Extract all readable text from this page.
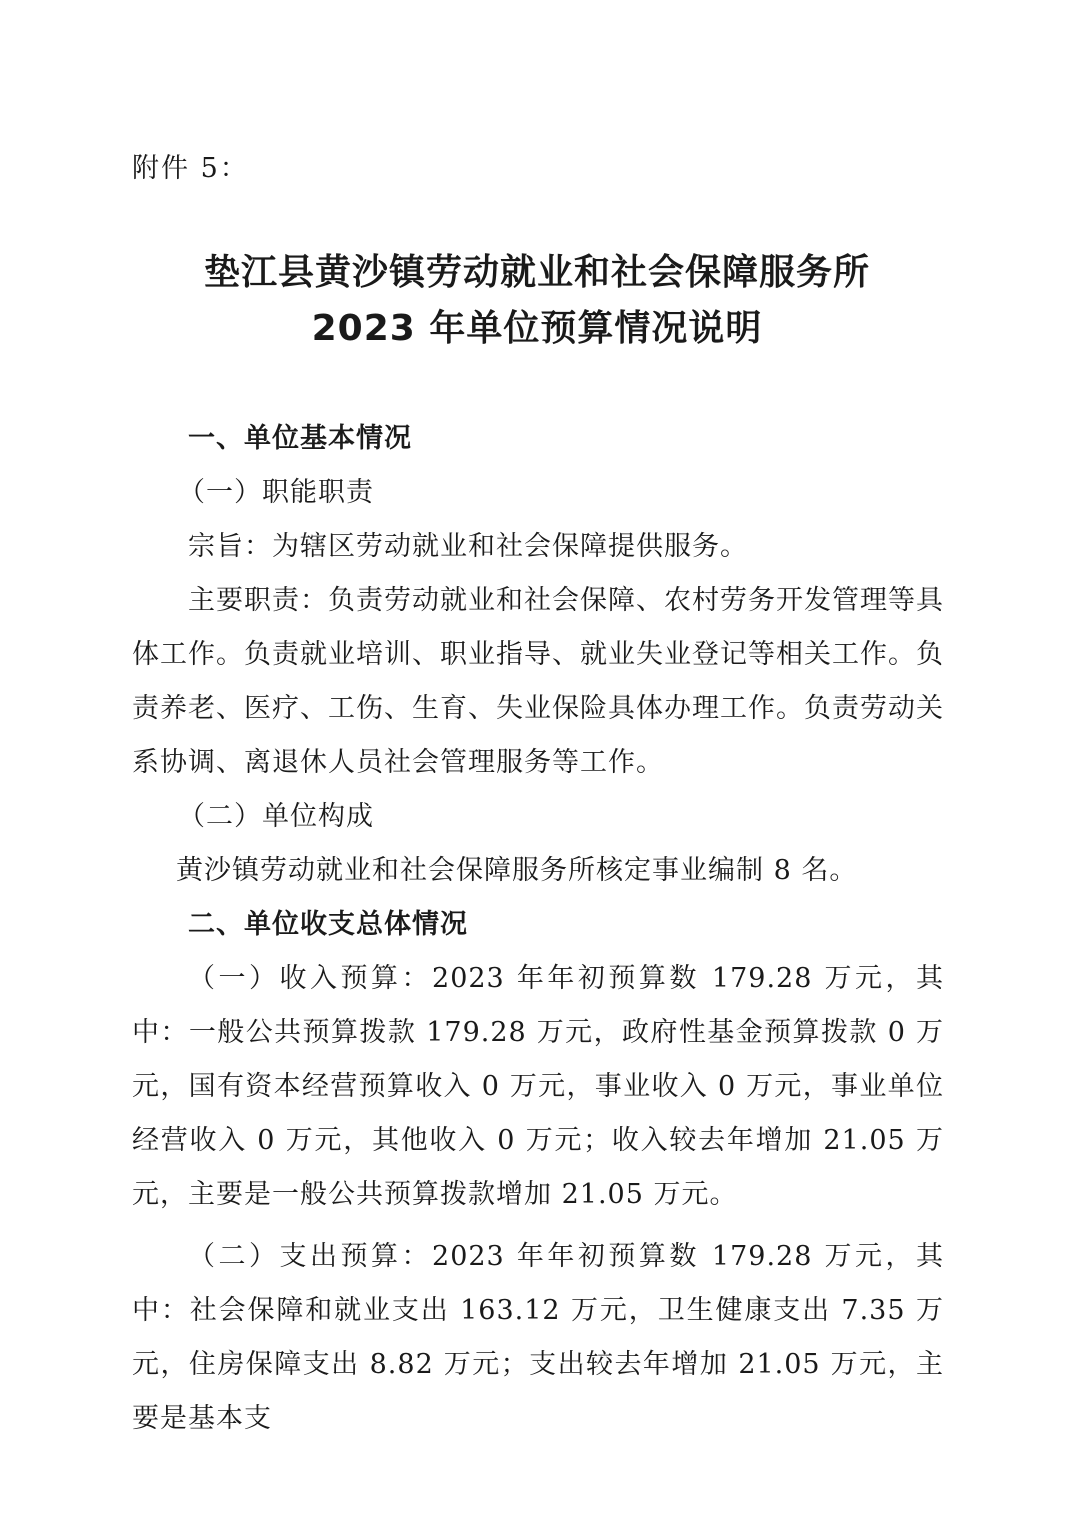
附件 5：
垫江县黄沙镇劳动就业和社会保障服务所
2023 年单位预算情况说明

一、单位基本情况

（一）职能职责

宗旨：为辖区劳动就业和社会保障提供服务。

主要职责：负责劳动就业和社会保障、农村劳务开发管理等具体工作。负责就业培训、职业指导、就业失业登记等相关工作。负责养老、医疗、工伤、生育、失业保险具体办理工作。负责劳动关系协调、离退休人员社会管理服务等工作。

（二）单位构成

黄沙镇劳动就业和社会保障服务所核定事业编制 8 名。

二、单位收支总体情况

（一）收入预算：2023 年年初预算数 179.28 万元，其中：一般公共预算拨款 179.28 万元，政府性基金预算拨款 0 万元，国有资本经营预算收入 0 万元，事业收入 0 万元，事业单位经营收入 0 万元，其他收入 0 万元；收入较去年增加 21.05 万元，主要是一般公共预算拨款增加 21.05 万元。

（二）支出预算：2023 年年初预算数 179.28 万元，其中：社会保障和就业支出 163.12 万元，卫生健康支出 7.35 万元，住房保障支出 8.82 万元；支出较去年增加 21.05 万元，主要是基本支
